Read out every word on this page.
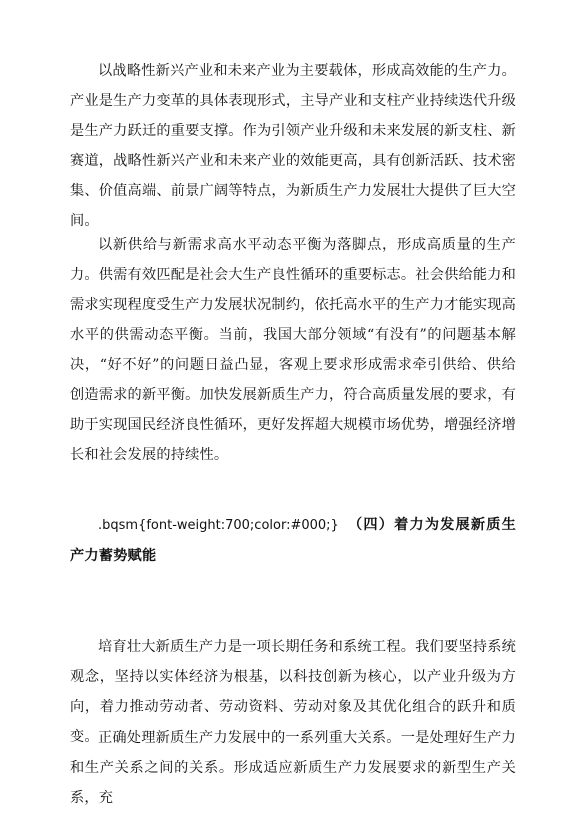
以战略性新兴产业和未来产业为主要载体，形成高效能的生产力。产业是生产力变革的具体表现形式，主导产业和支柱产业持续迭代升级是生产力跃迁的重要支撑。作为引领产业升级和未来发展的新支柱、新赛道，战略性新兴产业和未来产业的效能更高，具有创新活跃、技术密集、价值高端、前景广阔等特点，为新质生产力发展壮大提供了巨大空间。

以新供给与新需求高水平动态平衡为落脚点，形成高质量的生产力。供需有效匹配是社会大生产良性循环的重要标志。社会供给能力和需求实现程度受生产力发展状况制约，依托高水平的生产力才能实现高水平的供需动态平衡。当前，我国大部分领域“有没有”的问题基本解决，“好不好”的问题日益凸显，客观上要求形成需求牵引供给、供给创造需求的新平衡。加快发展新质生产力，符合高质量发展的要求，有助于实现国民经济良性循环，更好发挥超大规模市场优势，增强经济增长和社会发展的持续性。

.bqsm{font-weight:700;color:#000;}　 （四）着力为发展新质生产力蓄势赋能

培育壮大新质生产力是一项长期任务和系统工程。我们要坚持系统观念，坚持以实体经济为根基，以科技创新为核心，以产业升级为方向，着力推动劳动者、劳动资料、劳动对象及其优化组合的跃升和质变。 正确处理新质生产力发展中的一系列重大关系。一是处理好生产力和生产关系之间的关系。形成适应新质生产力发展要求的新型生产关系，充
